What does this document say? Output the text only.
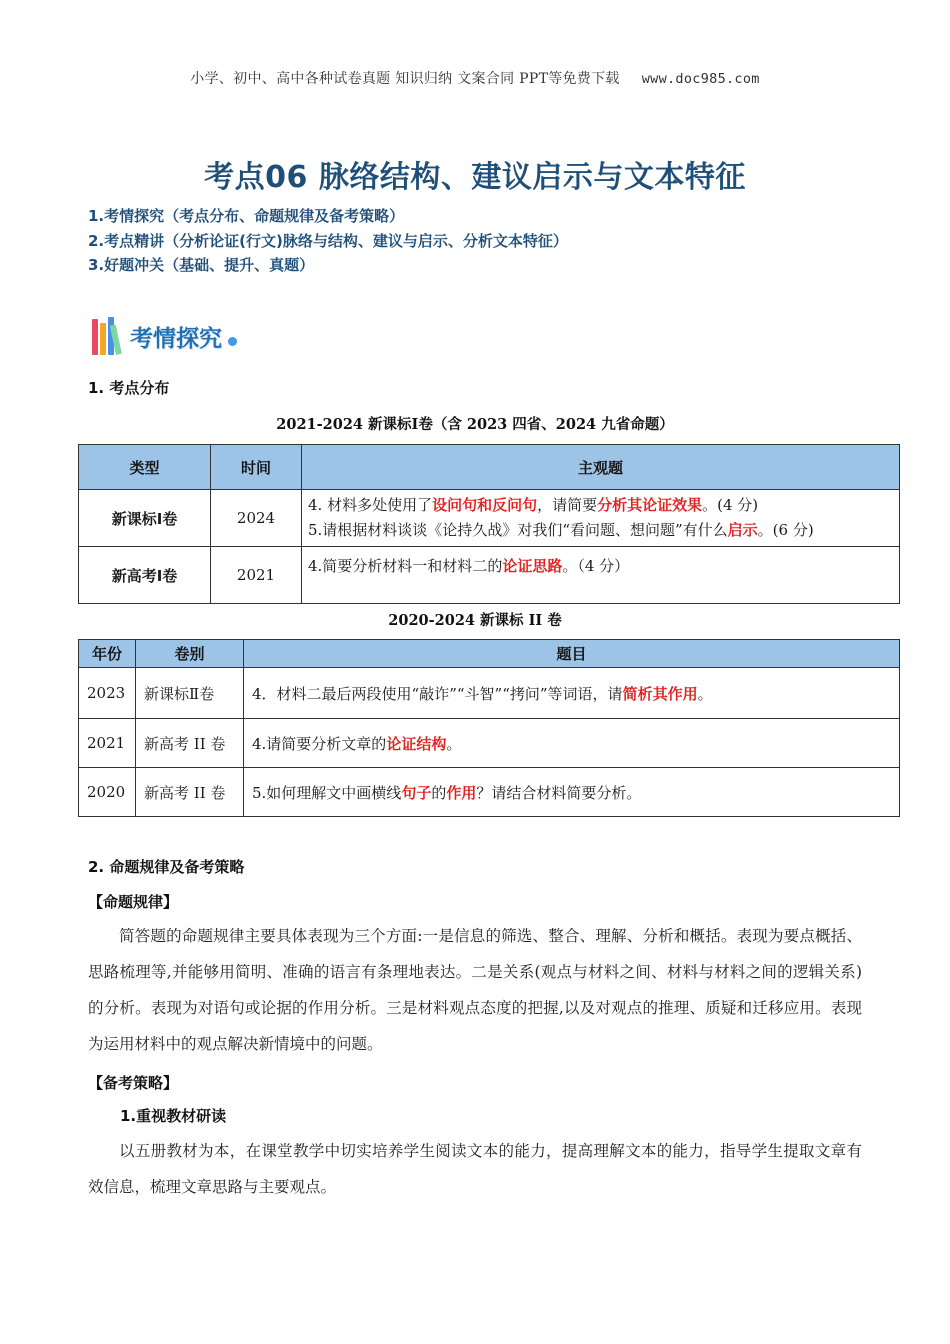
小学、初中、高中各种试卷真题 知识归纳 文案合同 PPT等免费下载 www.doc985.com
考点06 脉络结构、建议启示与文本特征
1.考情探究（考点分布、命题规律及备考策略）
2.考点精讲（分析论证(行文)脉络与结构、建议与启示、分析文本特征）
3.好题冲关（基础、提升、真题）
考情探究
1. 考点分布
2021-2024 新课标Ⅰ卷（含 2023 四省、2024 九省命题）
类型	时间	主观题
新课标Ⅰ卷	2024	4. 材料多处使用了设问句和反问句，请简要分析其论证效果。(4 分)
5.请根据材料谈谈《论持久战》对我们“看问题、想问题”有什么启示。(6 分)

新高考Ⅰ卷	2021	4.简要分析材料一和材料二的论证思路。（4 分）
2020-2024 新课标 II 卷
年份	卷别	题目
2023	新课标Ⅱ卷	4．材料二最后两段使用“敲诈”“斗智”“拷问”等词语，请简析其作用。
2021	新高考 II 卷	4.请简要分析文章的论证结构。
2020	新高考 II 卷	5.如何理解文中画横线句子的作用？请结合材料简要分析。
2. 命题规律及备考策略
【命题规律】
简答题的命题规律主要具体表现为三个方面:一是信息的筛选、整合、理解、分析和概括。表现为要点概括、思路梳理等,并能够用简明、准确的语言有条理地表达。二是关系(观点与材料之间、材料与材料之间的逻辑关系)的分析。表现为对语句或论据的作用分析。三是材料观点态度的把握,以及对观点的推理、质疑和迁移应用。表现为运用材料中的观点解决新情境中的问题。
【备考策略】
1.重视教材研读
以五册教材为本，在课堂教学中切实培养学生阅读文本的能力，提高理解文本的能力，指导学生提取文章有效信息，梳理文章思路与主要观点。
